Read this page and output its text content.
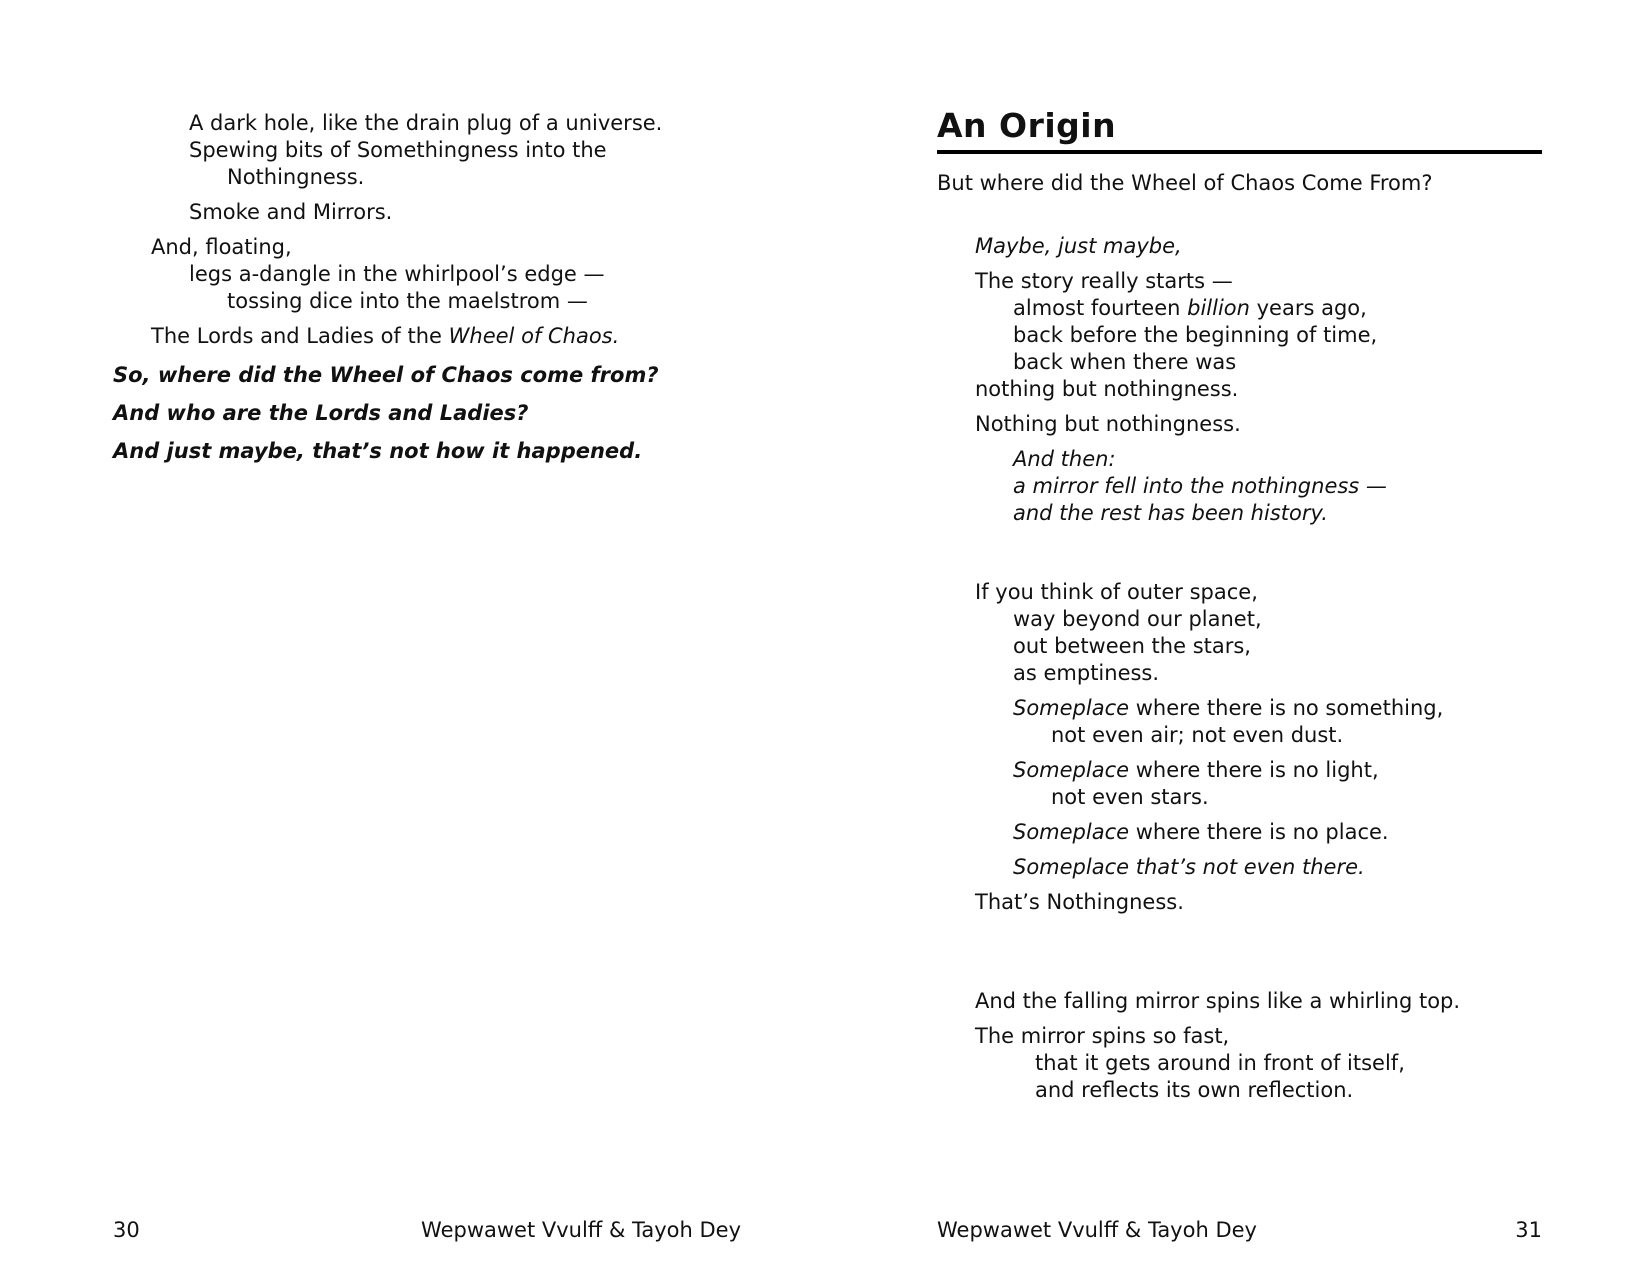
A dark hole, like the drain plug of a universe.
Spewing bits of Somethingness into the
Nothingness.
Smoke and Mirrors.
And, floating,
legs a-dangle in the whirlpool’s edge —
tossing dice into the maelstrom —
The Lords and Ladies of the Wheel of Chaos.
So, where did the Wheel of Chaos come from?
And who are the Lords and Ladies?
And just maybe, that’s not how it happened.
30	Wepwawet Vvulff & Tayoh Dey
An Origin
But where did the Wheel of Chaos Come From?
Maybe, just maybe,
The story really starts —
almost fourteen billion years ago,
back before the beginning of time,
back when there was
nothing but nothingness.
Nothing but nothingness.
And then:
a mirror fell into the nothingness —
and the rest has been history.
If you think of outer space,
way beyond our planet,
out between the stars,
as emptiness.
Someplace where there is no something,
not even air; not even dust.
Someplace where there is no light,
not even stars.
Someplace where there is no place.
Someplace that’s not even there.
That’s Nothingness.
And the falling mirror spins like a whirling top.
The mirror spins so fast,
that it gets around in front of itself,
and reflects its own reflection.
Wepwawet Vvulff & Tayoh Dey	31
